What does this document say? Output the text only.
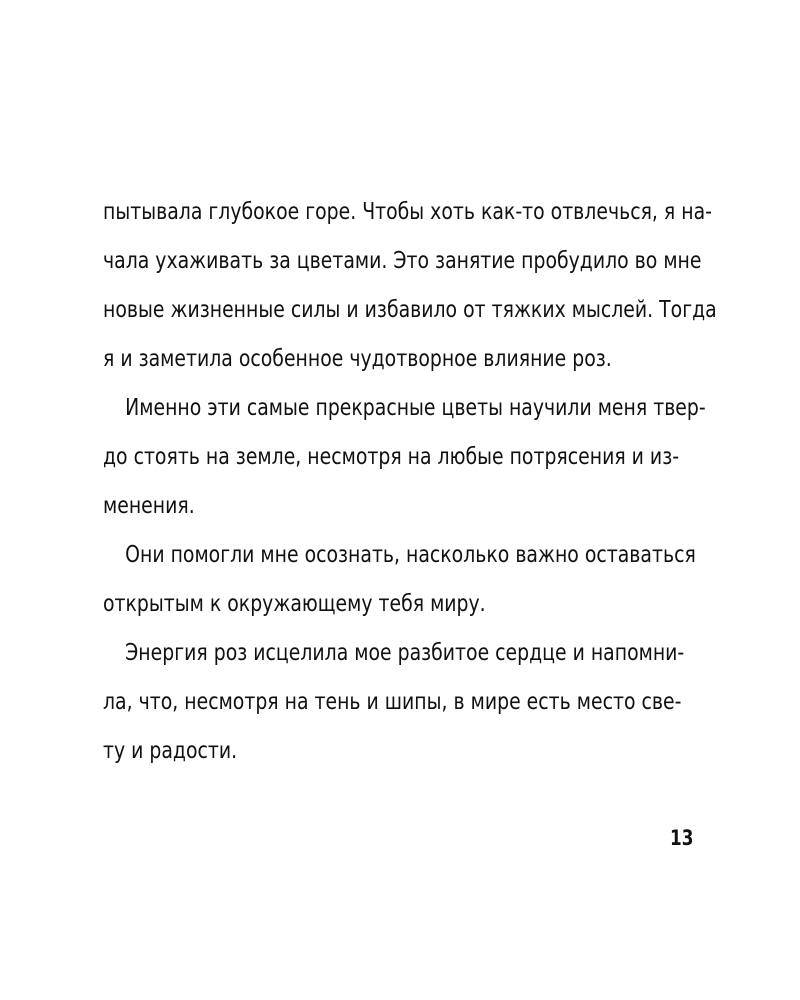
пытывала глубокое горе. Чтобы хоть как-то отвлечься, я на-
чала ухаживать за цветами. Это занятие пробудило во мне
новые жизненные силы и избавило от тяжких мыслей. Тогда
я и заметила особенное чудотворное влияние роз.
Именно эти самые прекрасные цветы научили меня твер-
до стоять на земле, несмотря на любые потрясения и из-
менения.
Они помогли мне осознать, насколько важно оставаться
открытым к окружающему тебя миру.
Энергия роз исцелила мое разбитое сердце и напомни-
ла, что, несмотря на тень и шипы, в мире есть место све-
ту и радости.
13
